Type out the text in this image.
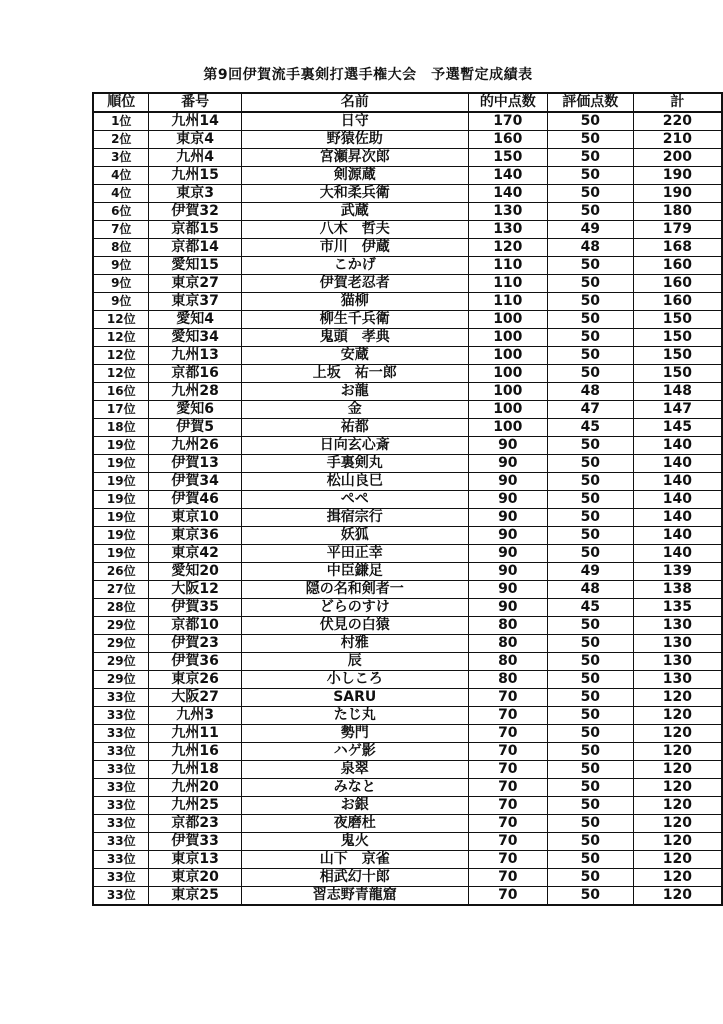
第9回伊賀流手裏剣打選手権大会　予選暫定成績表
順位	番号	名前	的中点数	評価点数	計
1位	九州14	日守	170	50	220
2位	東京4	野猿佐助	160	50	210
3位	九州4	宮瀬昇次郎	150	50	200
4位	九州15	剣源蔵	140	50	190
4位	東京3	大和柔兵衛	140	50	190
6位	伊賀32	武蔵	130	50	180
7位	京都15	八木　哲夫	130	49	179
8位	京都14	市川　伊蔵	120	48	168
9位	愛知15	こかげ	110	50	160
9位	東京27	伊賀老忍者	110	50	160
9位	東京37	猫柳	110	50	160
12位	愛知4	柳生千兵衛	100	50	150
12位	愛知34	鬼頭　孝典	100	50	150
12位	九州13	安蔵	100	50	150
12位	京都16	上坂　祐一郎	100	50	150
16位	九州28	お龍	100	48	148
17位	愛知6	金	100	47	147
18位	伊賀5	祐都	100	45	145
19位	九州26	日向玄心斎	90	50	140
19位	伊賀13	手裏剣丸	90	50	140
19位	伊賀34	松山良巳	90	50	140
19位	伊賀46	ペペ	90	50	140
19位	東京10	揖宿宗行	90	50	140
19位	東京36	妖狐	90	50	140
19位	東京42	平田正幸	90	50	140
26位	愛知20	中臣鎌足	90	49	139
27位	大阪12	隠の名和剣者一	90	48	138
28位	伊賀35	どらのすけ	90	45	135
29位	京都10	伏見の白猿	80	50	130
29位	伊賀23	村雅	80	50	130
29位	伊賀36	辰	80	50	130
29位	東京26	小しころ	80	50	130
33位	大阪27	SARU	70	50	120
33位	九州3	たじ丸	70	50	120
33位	九州11	勢門	70	50	120
33位	九州16	ハゲ影	70	50	120
33位	九州18	泉翠	70	50	120
33位	九州20	みなと	70	50	120
33位	九州25	お銀	70	50	120
33位	京都23	夜磨杜	70	50	120
33位	伊賀33	鬼火	70	50	120
33位	東京13	山下　京雀	70	50	120
33位	東京20	相武幻十郎	70	50	120
33位	東京25	習志野青龍窟	70	50	120
